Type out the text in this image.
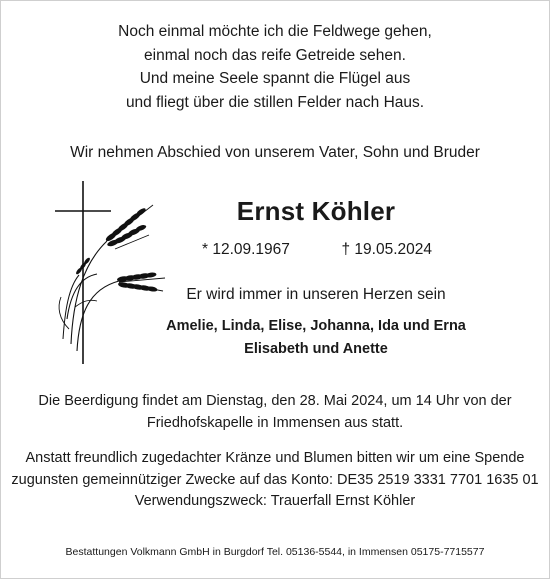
Noch einmal möchte ich die Feldwege gehen,
einmal noch das reife Getreide sehen.
Und meine Seele spannt die Flügel aus
und fliegt über die stillen Felder nach Haus.
Wir nehmen Abschied von unserem Vater, Sohn und Bruder
Ernst Köhler
* 12.09.1967	† 19.05.2024
Er wird immer in unseren Herzen sein
Amelie, Linda, Elise, Johanna, Ida und Erna
Elisabeth und Anette
Die Beerdigung findet am Dienstag, den 28. Mai 2024, um 14 Uhr von der
Friedhofskapelle in Immensen aus statt.
Anstatt freundlich zugedachter Kränze und Blumen bitten wir um eine Spende
zugunsten gemeinnütziger Zwecke auf das Konto: DE35 2519 3331 7701 1635 01
Verwendungszweck: Trauerfall Ernst Köhler
Bestattungen Volkmann GmbH in Burgdorf Tel. 05136-5544, in Immensen 05175-7715577
